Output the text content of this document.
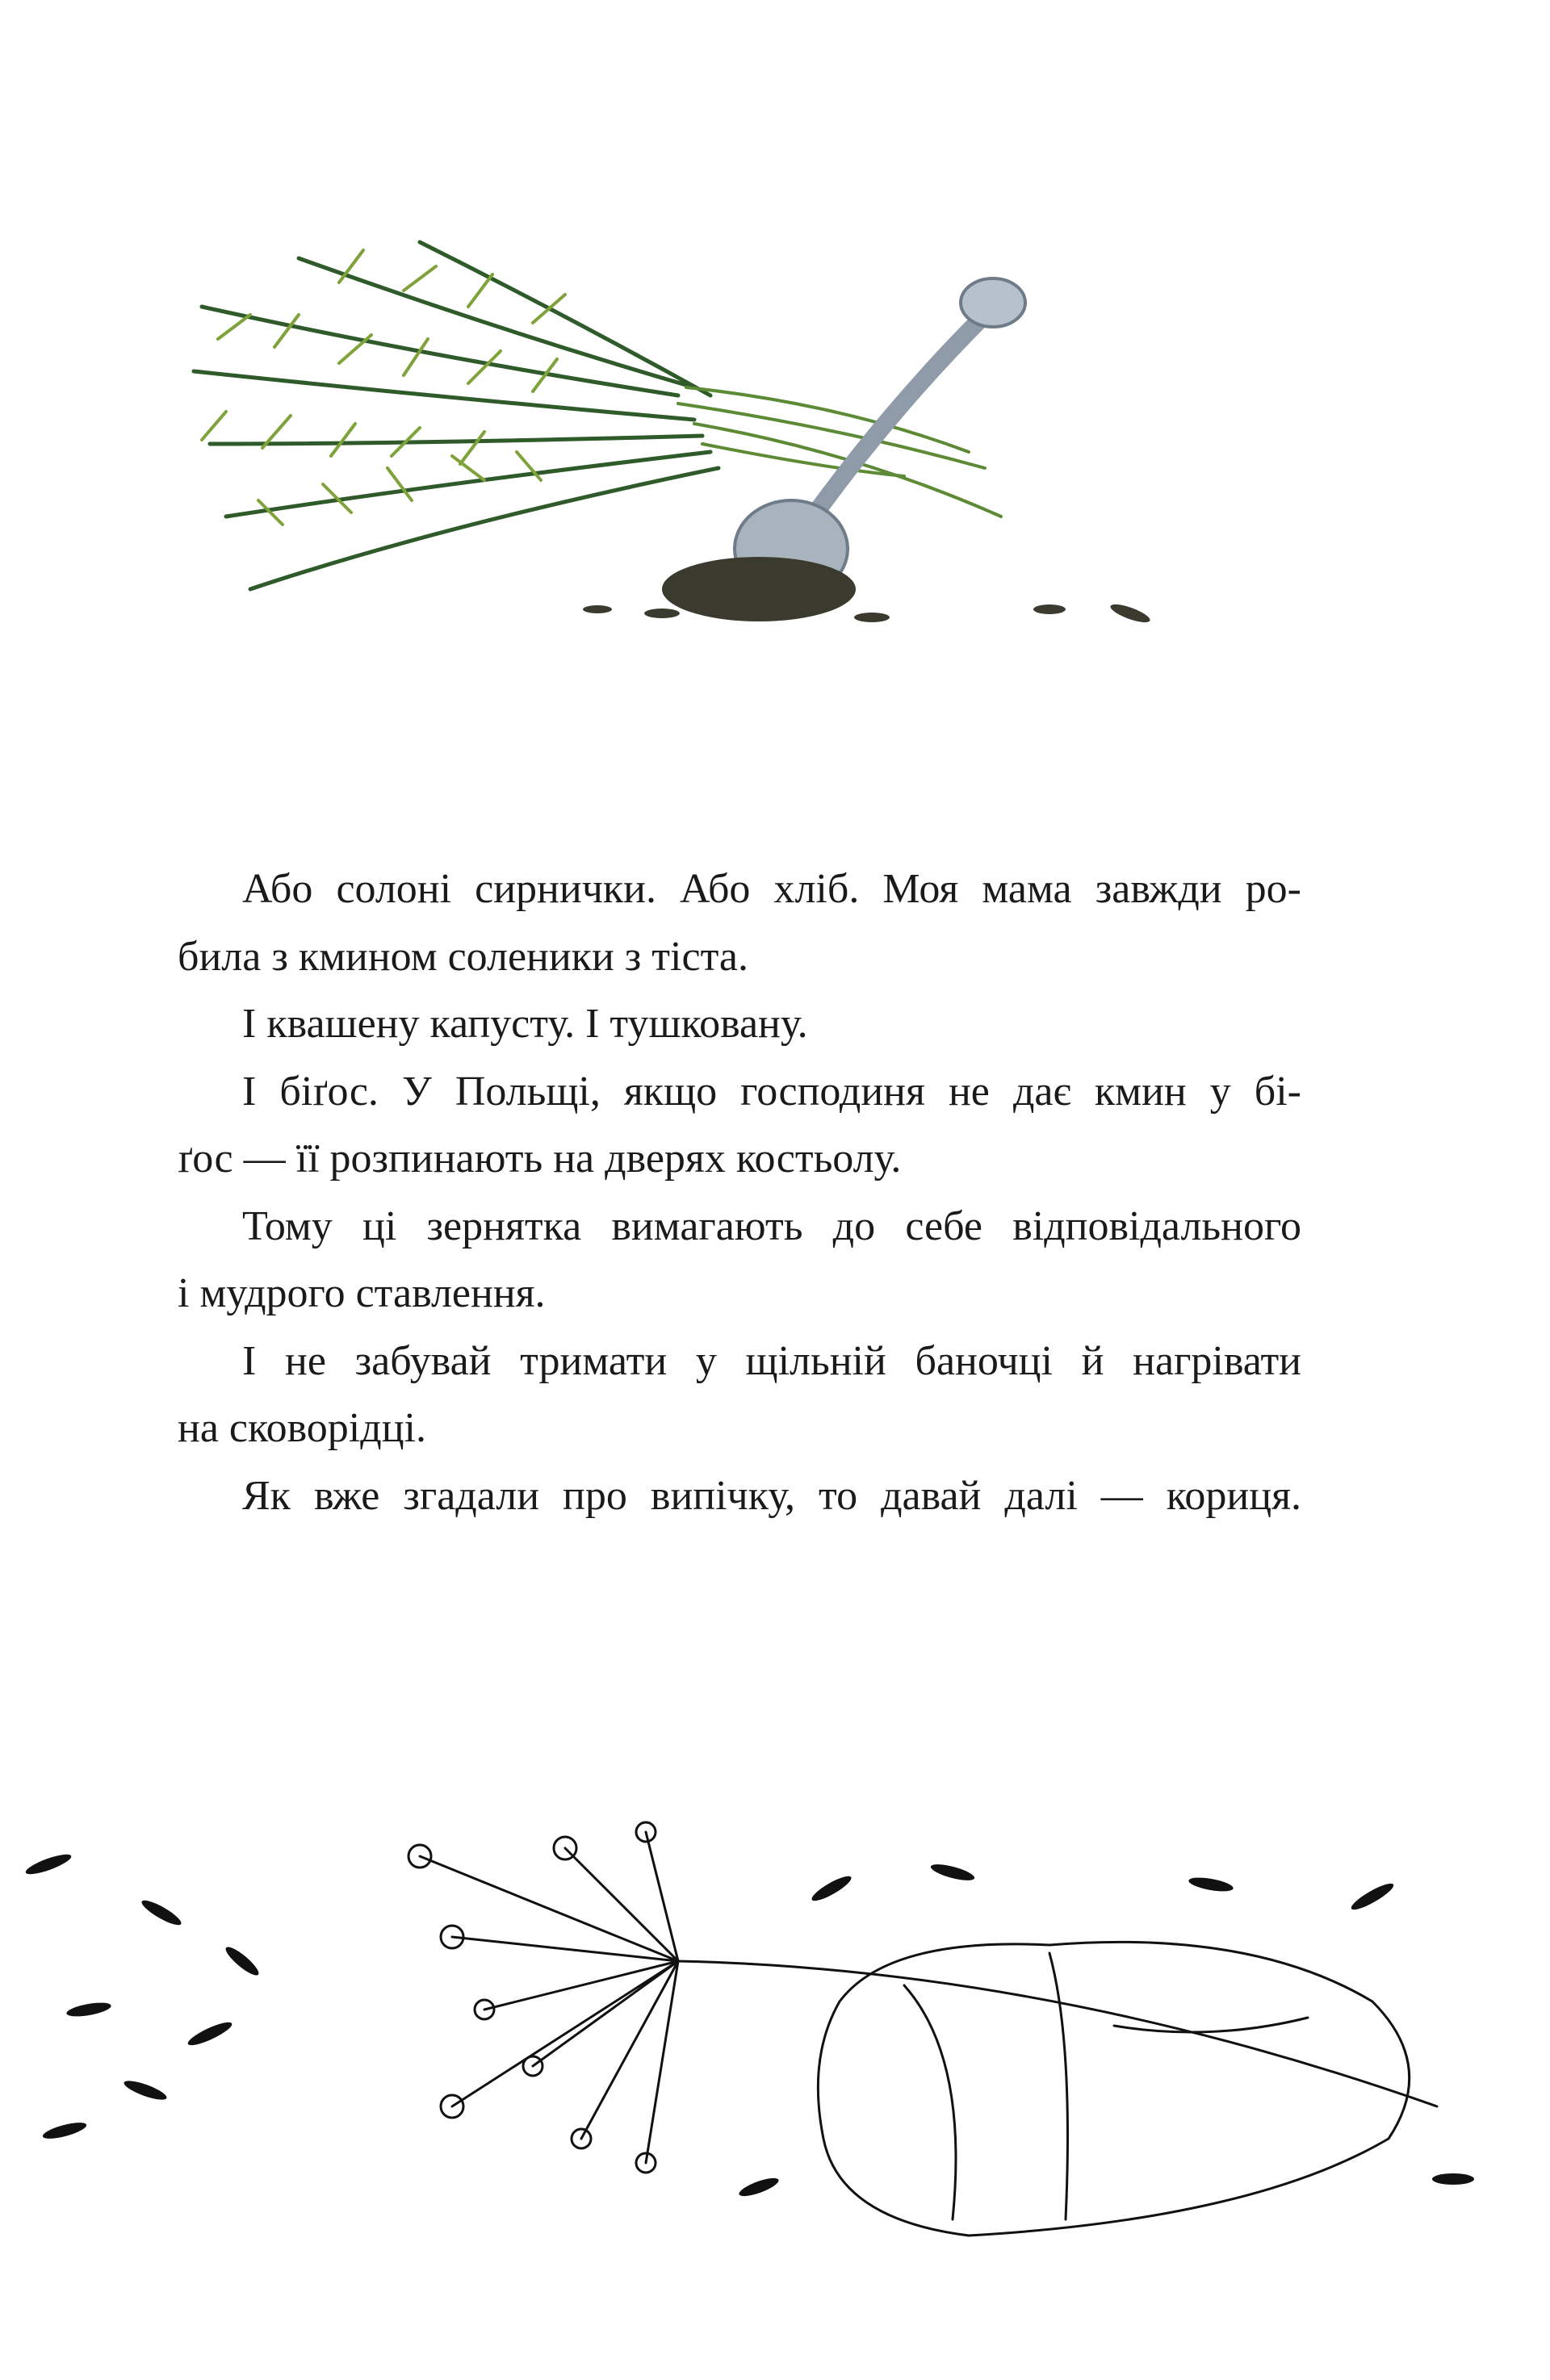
Або солоні сирнички. Або хліб. Моя мама завжди ро-
била з кмином соленики з тіста.
І квашену капусту. І тушковану.
І біґос. У Польщі, якщо господиня не дає кмин у бі-
ґос — її розпинають на дверях костьолу.
Тому ці зернятка вимагають до себе відповідального
і мудрого ставлення.
І не забувай тримати у щільній баночці й нагрівати
на сковорідці.
Як вже згадали про випічку, то давай далі — кориця.
